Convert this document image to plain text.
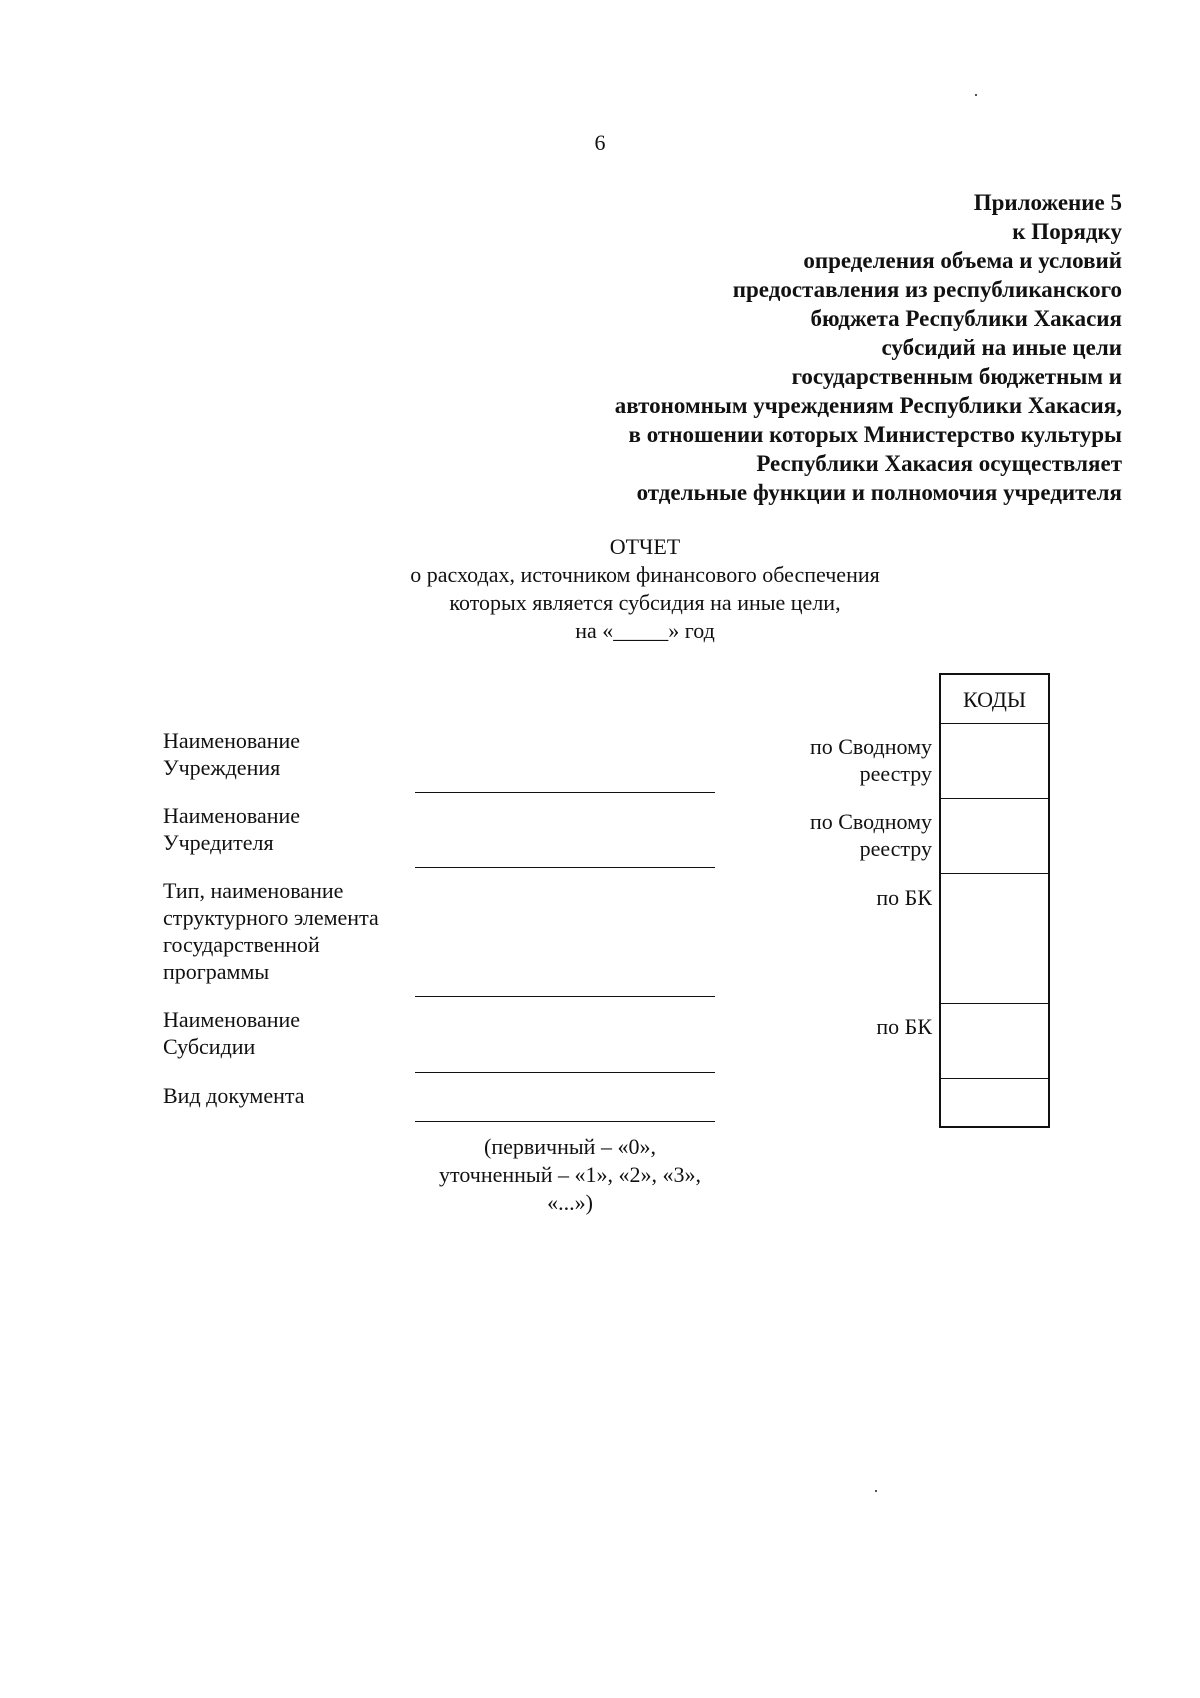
6
Приложение 5
к Порядку
определения объема и условий
предоставления из республиканского
бюджета Республики Хакасия
субсидий на иные цели
государственным бюджетным и
автономным учреждениям Республики Хакасия,
в отношении которых Министерство культуры
Республики Хакасия осуществляет
отдельные функции и полномочия учредителя
ОТЧЕТ
о расходах, источником финансового обеспечения
которых является субсидия на иные цели,
на «_____» год
Наименование
Учреждения
Наименование
Учредителя
Тип, наименование
структурного элемента
государственной
программы
Наименование
Субсидии
Вид документа
по Сводному
реестру
по Сводному
реестру
по БК
по БК
КОДЫ
(первичный – «0»,
уточненный – «1», «2», «3»,
«...»)
